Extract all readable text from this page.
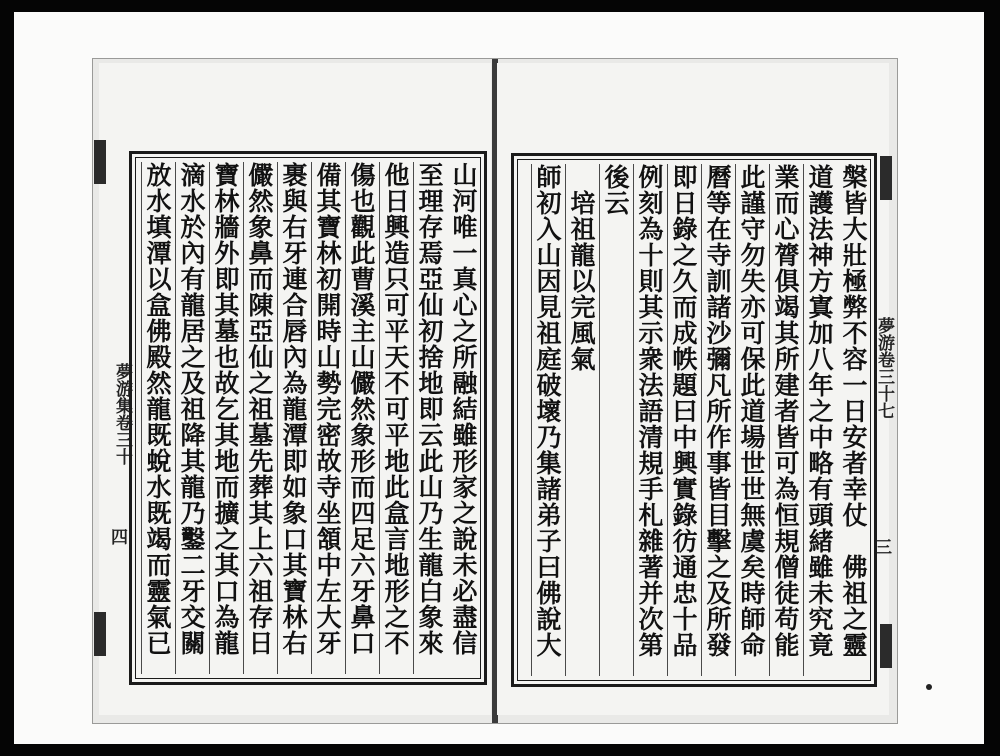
夢游集卷三十
四
山河唯一真心之所融結雖形家之說未必盡信
至理存焉亞仙初捨地即云此山乃生龍白象來
他日興造只可平天不可平地此盒言地形之不
傷也觀此曹溪主山儼然象形而四足六牙鼻口
備其寶林初開時山勢完密故寺坐頷中左大牙
裹與右牙連合唇內為龍潭即如象口其寶林右
儼然象鼻而陳亞仙之祖墓先葬其上六祖存日
寶林牆外即其墓也故乞其地而擴之其口為龍
滴水於內有龍居之及祖降其龍乃鑿二牙交關
放水填潭以盒佛殿然龍既蛻水既竭而靈氣已
夢游卷三十七
三
槃皆大壯極弊不容一日安者幸仗　佛祖之靈
道護法神方寘加八年之中略有頭緒雖未究竟
業而心膂俱竭其所建者皆可為恒規僧徒苟能
此謹守勿失亦可保此道場世世無虞矣時師命
曆等在寺訓諸沙彌凡所作事皆目擊之及所發
即日錄之久而成帙題曰中興實錄彷通忠十品
例刻為十則其示衆法語清規手札雜著并次第
後云
　培祖龍以完風氣
師初入山因見祖庭破壞乃集諸弟子曰佛說大
